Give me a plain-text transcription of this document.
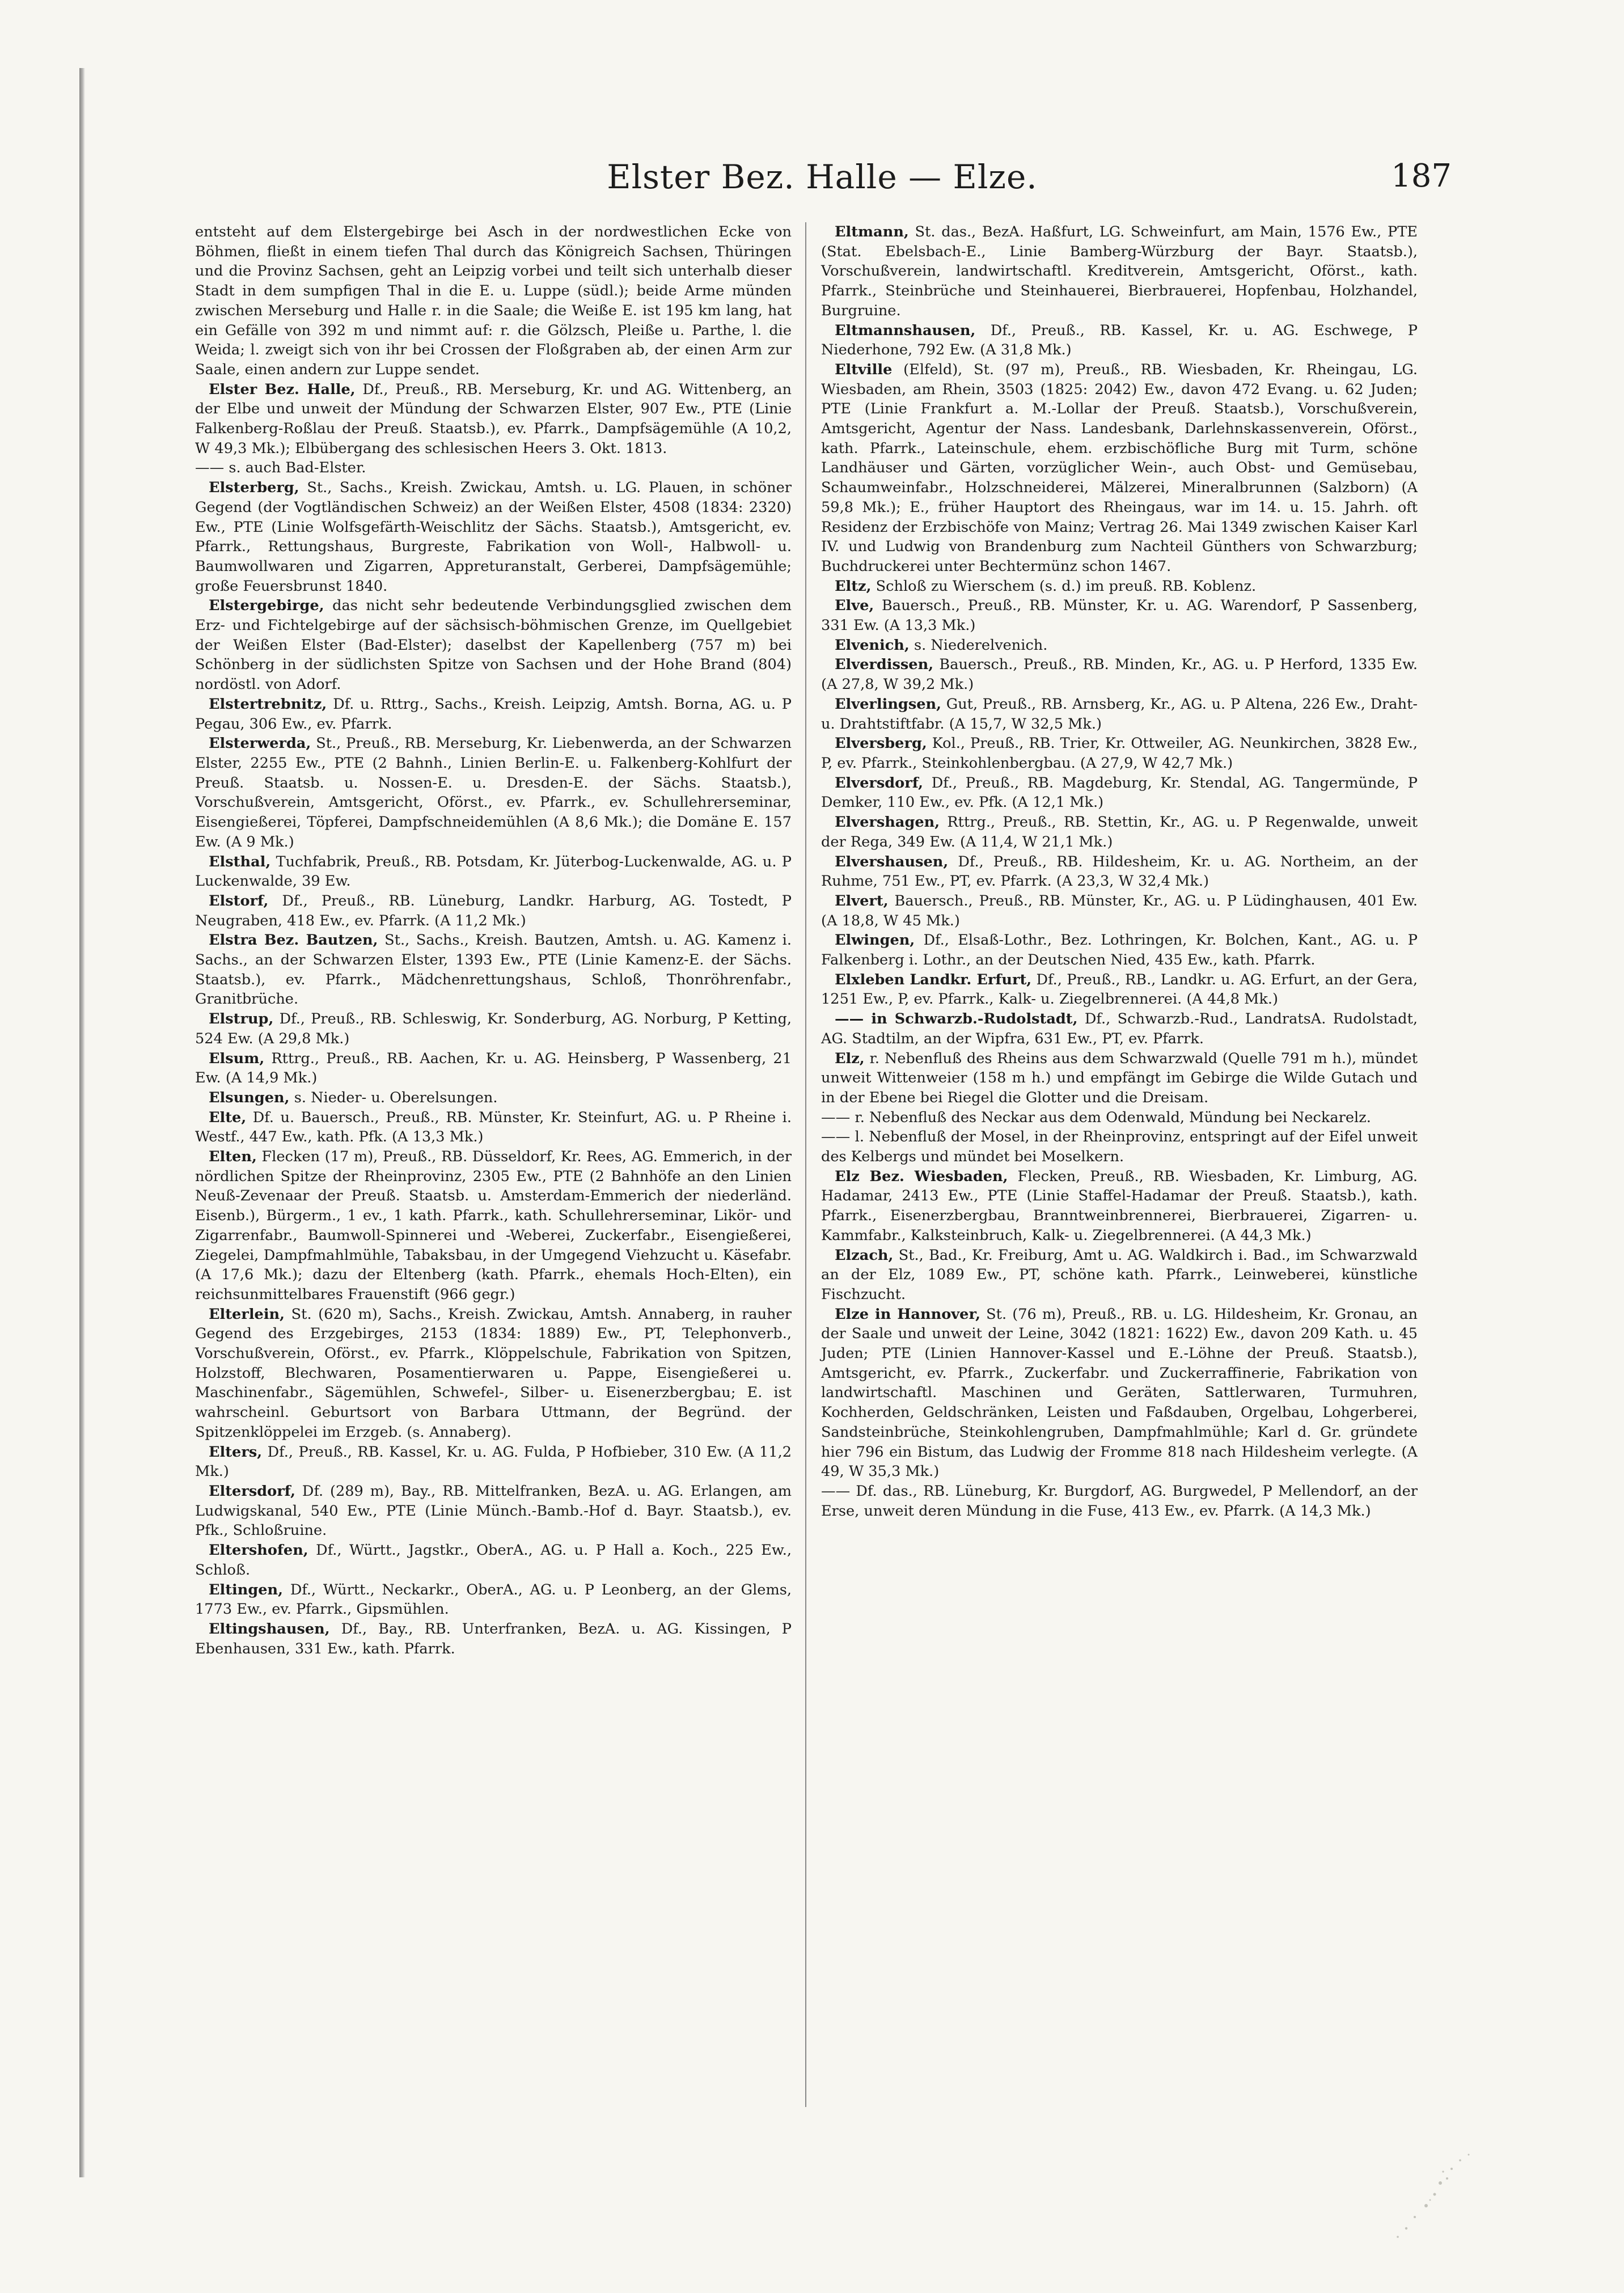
Elster Bez. Halle — Elze.	187

entsteht auf dem Elstergebirge bei Asch in der nordwestlichen Ecke von Böhmen, fließt in einem tiefen Thal durch das Königreich Sachsen, Thüringen und die Provinz Sachsen, geht an Leipzig vorbei und teilt sich unterhalb dieser Stadt in dem sumpfigen Thal in die E. u. Luppe (südl.); beide Arme münden zwischen Merseburg und Halle r. in die Saale; die Weiße E. ist 195 km lang, hat ein Gefälle von 392 m und nimmt auf: r. die Gölzsch, Pleiße u. Parthe, l. die Weida; l. zweigt sich von ihr bei Crossen der Floßgraben ab, der einen Arm zur Saale, einen andern zur Luppe sendet.

Elster Bez. Halle, Df., Preuß., RB. Merseburg, Kr. und AG. Wittenberg, an der Elbe und unweit der Mündung der Schwarzen Elster, 907 Ew., PTE (Linie Falkenberg-Roßlau der Preuß. Staatsb.), ev. Pfarrk., Dampfsägemühle (A 10,2, W 49,3 Mk.); Elbübergang des schlesischen Heers 3. Okt. 1813.

—— s. auch Bad-Elster.

Elsterberg, St., Sachs., Kreish. Zwickau, Amtsh. u. LG. Plauen, in schöner Gegend (der Vogtländischen Schweiz) an der Weißen Elster, 4508 (1834: 2320) Ew., PTE (Linie Wolfsgefärth-Weischlitz der Sächs. Staatsb.), Amtsgericht, ev. Pfarrk., Rettungshaus, Burgreste, Fabrikation von Woll-, Halbwoll- u. Baumwollwaren und Zigarren, Appreturanstalt, Gerberei, Dampfsägemühle; große Feuersbrunst 1840.

Elstergebirge, das nicht sehr bedeutende Verbindungsglied zwischen dem Erz- und Fichtelgebirge auf der sächsisch-böhmischen Grenze, im Quellgebiet der Weißen Elster (Bad-Elster); daselbst der Kapellenberg (757 m) bei Schönberg in der südlichsten Spitze von Sachsen und der Hohe Brand (804) nordöstl. von Adorf.

Elstertrebnitz, Df. u. Rttrg., Sachs., Kreish. Leipzig, Amtsh. Borna, AG. u. P Pegau, 306 Ew., ev. Pfarrk.

Elsterwerda, St., Preuß., RB. Merseburg, Kr. Liebenwerda, an der Schwarzen Elster, 2255 Ew., PTE (2 Bahnh., Linien Berlin-E. u. Falkenberg-Kohlfurt der Preuß. Staatsb. u. Nossen-E. u. Dresden-E. der Sächs. Staatsb.), Vorschußverein, Amtsgericht, Oförst., ev. Pfarrk., ev. Schullehrerseminar, Eisengießerei, Töpferei, Dampfschneidemühlen (A 8,6 Mk.); die Domäne E. 157 Ew. (A 9 Mk.)

Elsthal, Tuchfabrik, Preuß., RB. Potsdam, Kr. Jüterbog-Luckenwalde, AG. u. P Luckenwalde, 39 Ew.

Elstorf, Df., Preuß., RB. Lüneburg, Landkr. Harburg, AG. Tostedt, P Neugraben, 418 Ew., ev. Pfarrk. (A 11,2 Mk.)

Elstra Bez. Bautzen, St., Sachs., Kreish. Bautzen, Amtsh. u. AG. Kamenz i. Sachs., an der Schwarzen Elster, 1393 Ew., PTE (Linie Kamenz-E. der Sächs. Staatsb.), ev. Pfarrk., Mädchenrettungshaus, Schloß, Thonröhrenfabr., Granitbrüche.

Elstrup, Df., Preuß., RB. Schleswig, Kr. Sonderburg, AG. Norburg, P Ketting, 524 Ew. (A 29,8 Mk.)

Elsum, Rttrg., Preuß., RB. Aachen, Kr. u. AG. Heinsberg, P Wassenberg, 21 Ew. (A 14,9 Mk.)

Elsungen, s. Nieder- u. Oberelsungen.

Elte, Df. u. Bauersch., Preuß., RB. Münster, Kr. Steinfurt, AG. u. P Rheine i. Westf., 447 Ew., kath. Pfk. (A 13,3 Mk.)

Elten, Flecken (17 m), Preuß., RB. Düsseldorf, Kr. Rees, AG. Emmerich, in der nördlichen Spitze der Rheinprovinz, 2305 Ew., PTE (2 Bahnhöfe an den Linien Neuß-Zevenaar der Preuß. Staatsb. u. Amsterdam-Emmerich der niederländ. Eisenb.), Bürgerm., 1 ev., 1 kath. Pfarrk., kath. Schullehrerseminar, Likör- und Zigarrenfabr., Baumwoll-Spinnerei und -Weberei, Zuckerfabr., Eisengießerei, Ziegelei, Dampfmahlmühle, Tabaksbau, in der Umgegend Viehzucht u. Käsefabr. (A 17,6 Mk.); dazu der Eltenberg (kath. Pfarrk., ehemals Hoch-Elten), ein reichsunmittelbares Frauenstift (966 gegr.)

Elterlein, St. (620 m), Sachs., Kreish. Zwickau, Amtsh. Annaberg, in rauher Gegend des Erzgebirges, 2153 (1834: 1889) Ew., PT, Telephonverb., Vorschußverein, Oförst., ev. Pfarrk., Klöppelschule, Fabrikation von Spitzen, Holzstoff, Blechwaren, Posamentierwaren u. Pappe, Eisengießerei u. Maschinenfabr., Sägemühlen, Schwefel-, Silber- u. Eisenerzbergbau; E. ist wahrscheinl. Geburtsort von Barbara Uttmann, der Begründ. der Spitzenklöppelei im Erzgeb. (s. Annaberg).

Elters, Df., Preuß., RB. Kassel, Kr. u. AG. Fulda, P Hofbieber, 310 Ew. (A 11,2 Mk.)

Eltersdorf, Df. (289 m), Bay., RB. Mittelfranken, BezA. u. AG. Erlangen, am Ludwigskanal, 540 Ew., PTE (Linie Münch.-Bamb.-Hof d. Bayr. Staatsb.), ev. Pfk., Schloßruine.

Eltershofen, Df., Württ., Jagstkr., OberA., AG. u. P Hall a. Koch., 225 Ew., Schloß.

Eltingen, Df., Württ., Neckarkr., OberA., AG. u. P Leonberg, an der Glems, 1773 Ew., ev. Pfarrk., Gipsmühlen.

Eltingshausen, Df., Bay., RB. Unterfranken, BezA. u. AG. Kissingen, P Ebenhausen, 331 Ew., kath. Pfarrk.

Eltmann, St. das., BezA. Haßfurt, LG. Schweinfurt, am Main, 1576 Ew., PTE (Stat. Ebelsbach-E., Linie Bamberg-Würzburg der Bayr. Staatsb.), Vorschußverein, landwirtschaftl. Kreditverein, Amtsgericht, Oförst., kath. Pfarrk., Steinbrüche und Steinhauerei, Bierbrauerei, Hopfenbau, Holzhandel, Burgruine.

Eltmannshausen, Df., Preuß., RB. Kassel, Kr. u. AG. Eschwege, P Niederhone, 792 Ew. (A 31,8 Mk.)

Eltville (Elfeld), St. (97 m), Preuß., RB. Wiesbaden, Kr. Rheingau, LG. Wiesbaden, am Rhein, 3503 (1825: 2042) Ew., davon 472 Evang. u. 62 Juden; PTE (Linie Frankfurt a. M.-Lollar der Preuß. Staatsb.), Vorschußverein, Amtsgericht, Agentur der Nass. Landesbank, Darlehnskassenverein, Oförst., kath. Pfarrk., Lateinschule, ehem. erzbischöfliche Burg mit Turm, schöne Landhäuser und Gärten, vorzüglicher Wein-, auch Obst- und Gemüsebau, Schaumweinfabr., Holzschneiderei, Mälzerei, Mineralbrunnen (Salzborn) (A 59,8 Mk.); E., früher Hauptort des Rheingaus, war im 14. u. 15. Jahrh. oft Residenz der Erzbischöfe von Mainz; Vertrag 26. Mai 1349 zwischen Kaiser Karl IV. und Ludwig von Brandenburg zum Nachteil Günthers von Schwarzburg; Buchdruckerei unter Bechtermünz schon 1467.

Eltz, Schloß zu Wierschem (s. d.) im preuß. RB. Koblenz.

Elve, Bauersch., Preuß., RB. Münster, Kr. u. AG. Warendorf, P Sassenberg, 331 Ew. (A 13,3 Mk.)

Elvenich, s. Niederelvenich.

Elverdissen, Bauersch., Preuß., RB. Minden, Kr., AG. u. P Herford, 1335 Ew. (A 27,8, W 39,2 Mk.)

Elverlingsen, Gut, Preuß., RB. Arnsberg, Kr., AG. u. P Altena, 226 Ew., Draht- u. Drahtstiftfabr. (A 15,7, W 32,5 Mk.)

Elversberg, Kol., Preuß., RB. Trier, Kr. Ottweiler, AG. Neunkirchen, 3828 Ew., P, ev. Pfarrk., Steinkohlenbergbau. (A 27,9, W 42,7 Mk.)

Elversdorf, Df., Preuß., RB. Magdeburg, Kr. Stendal, AG. Tangermünde, P Demker, 110 Ew., ev. Pfk. (A 12,1 Mk.)

Elvershagen, Rttrg., Preuß., RB. Stettin, Kr., AG. u. P Regenwalde, unweit der Rega, 349 Ew. (A 11,4, W 21,1 Mk.)

Elvershausen, Df., Preuß., RB. Hildesheim, Kr. u. AG. Northeim, an der Ruhme, 751 Ew., PT, ev. Pfarrk. (A 23,3, W 32,4 Mk.)

Elvert, Bauersch., Preuß., RB. Münster, Kr., AG. u. P Lüdinghausen, 401 Ew. (A 18,8, W 45 Mk.)

Elwingen, Df., Elsaß-Lothr., Bez. Lothringen, Kr. Bolchen, Kant., AG. u. P Falkenberg i. Lothr., an der Deutschen Nied, 435 Ew., kath. Pfarrk.

Elxleben Landkr. Erfurt, Df., Preuß., RB., Landkr. u. AG. Erfurt, an der Gera, 1251 Ew., P, ev. Pfarrk., Kalk- u. Ziegelbrennerei. (A 44,8 Mk.)

—— in Schwarzb.-Rudolstadt, Df., Schwarzb.-Rud., LandratsA. Rudolstadt, AG. Stadtilm, an der Wipfra, 631 Ew., PT, ev. Pfarrk.

Elz, r. Nebenfluß des Rheins aus dem Schwarzwald (Quelle 791 m h.), mündet unweit Wittenweier (158 m h.) und empfängt im Gebirge die Wilde Gutach und in der Ebene bei Riegel die Glotter und die Dreisam.

—— r. Nebenfluß des Neckar aus dem Odenwald, Mündung bei Neckarelz.

—— l. Nebenfluß der Mosel, in der Rheinprovinz, entspringt auf der Eifel unweit des Kelbergs und mündet bei Moselkern.

Elz Bez. Wiesbaden, Flecken, Preuß., RB. Wiesbaden, Kr. Limburg, AG. Hadamar, 2413 Ew., PTE (Linie Staffel-Hadamar der Preuß. Staatsb.), kath. Pfarrk., Eisenerzbergbau, Branntweinbrennerei, Bierbrauerei, Zigarren- u. Kammfabr., Kalksteinbruch, Kalk- u. Ziegelbrennerei. (A 44,3 Mk.)

Elzach, St., Bad., Kr. Freiburg, Amt u. AG. Waldkirch i. Bad., im Schwarzwald an der Elz, 1089 Ew., PT, schöne kath. Pfarrk., Leinweberei, künstliche Fischzucht.

Elze in Hannover, St. (76 m), Preuß., RB. u. LG. Hildesheim, Kr. Gronau, an der Saale und unweit der Leine, 3042 (1821: 1622) Ew., davon 209 Kath. u. 45 Juden; PTE (Linien Hannover-Kassel und E.-Löhne der Preuß. Staatsb.), Amtsgericht, ev. Pfarrk., Zuckerfabr. und Zuckerraffinerie, Fabrikation von landwirtschaftl. Maschinen und Geräten, Sattlerwaren, Turmuhren, Kochherden, Geldschränken, Leisten und Faßdauben, Orgelbau, Lohgerberei, Sandsteinbrüche, Steinkohlengruben, Dampfmahlmühle; Karl d. Gr. gründete hier 796 ein Bistum, das Ludwig der Fromme 818 nach Hildesheim verlegte. (A 49, W 35,3 Mk.)

—— Df. das., RB. Lüneburg, Kr. Burgdorf, AG. Burgwedel, P Mellendorf, an der Erse, unweit deren Mündung in die Fuse, 413 Ew., ev. Pfarrk. (A 14,3 Mk.)
